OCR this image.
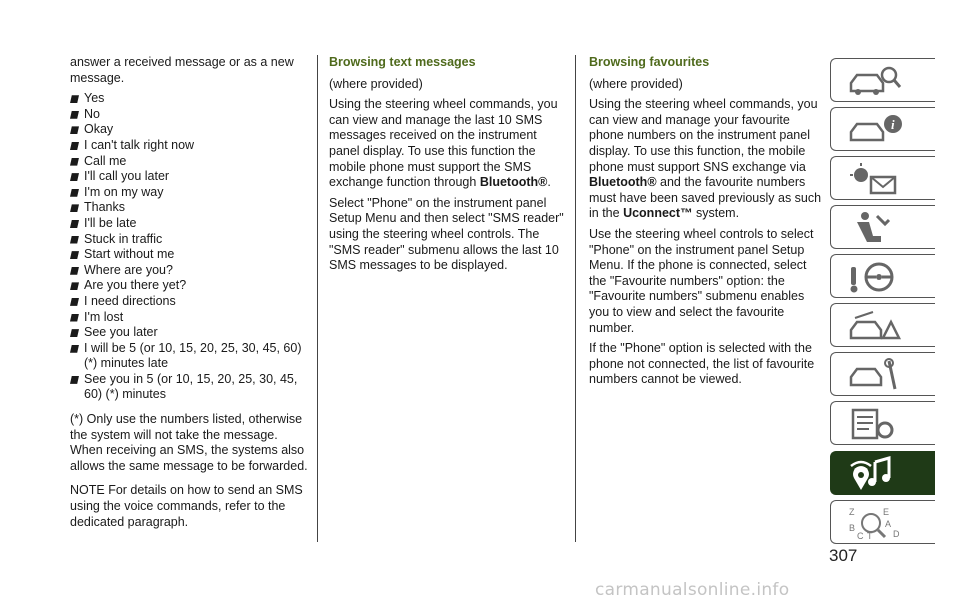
answer a received message or as a new message.

Yes
No
Okay
I can't talk right now
Call me
I'll call you later
I'm on my way
Thanks
I'll be late
Stuck in traffic
Start without me
Where are you?
Are you there yet?
I need directions
I'm lost
See you later
I will be 5 (or 10, 15, 20, 25, 30, 45, 60) (*) minutes late
See you in 5 (or 10, 15, 20, 25, 30, 45, 60) (*) minutes

(*) Only use the numbers listed, otherwise the system will not take the message. When receiving an SMS, the systems also allows the same message to be forwarded.

NOTE For details on how to send an SMS using the voice commands, refer to the dedicated paragraph.

Browsing text messages

(where provided)

Using the steering wheel commands, you can view and manage the last 10 SMS messages received on the instrument panel display. To use this function the mobile phone must support the SMS exchange function through Bluetooth®.

Select "Phone" on the instrument panel Setup Menu and then select "SMS reader" using the steering wheel controls. The "SMS reader" submenu allows the last 10 SMS messages to be displayed.

Browsing favourites

(where provided)

Using the steering wheel commands, you can view and manage your favourite phone numbers on the instrument panel display. To use this function, the mobile phone must support SNS exchange via Bluetooth® and the favourite numbers must have been saved previously as such in the Uconnect™ system.

Use the steering wheel controls to select "Phone" on the instrument panel Setup Menu. If the phone is connected, select the "Favourite numbers" option: the "Favourite numbers" submenu enables you to view and select the favourite number.

If the "Phone" option is selected with the phone not connected, the list of favourite numbers cannot be viewed.

i
Z	E
B	A
C T D
307
carmanualsonline.info
